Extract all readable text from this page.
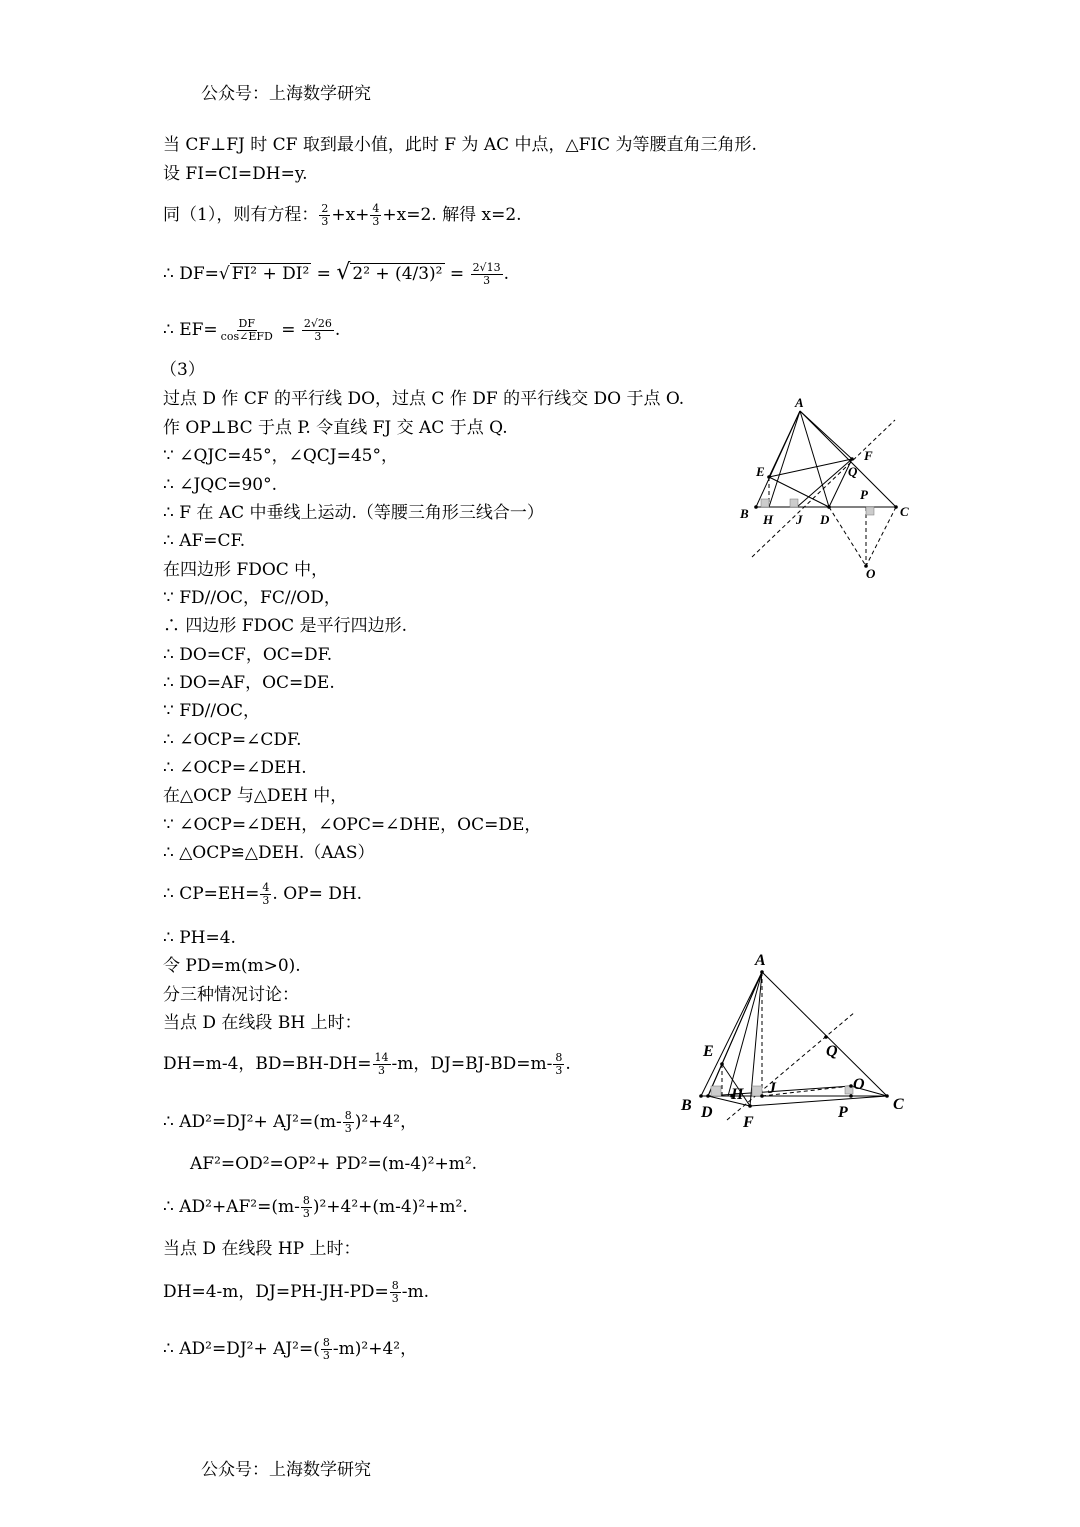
公众号：上海数学研究
当 CF⊥FJ 时 CF 取到最小值，此时 F 为 AC 中点，△FIC 为等腰直角三角形.
设 FI=CI=DH=y.
同（1），则有方程： $\frac{2}{3} +x+ \frac{4}{3} +x=2$. 解得 x=2.
∴ DF=√ FI² + DI² = √ $2^2 + (4/3)^2 = \frac{2√13}{3}$ .
∴ $EF= \frac{DF}{\text{cos∠EFD}} = \frac{2√26}{3}$ .
（3）
过点 D 作 CF 的平行线 DO，过点 C 作 DF 的平行线交 DO 于点 O.
作 OP⊥BC 于点 P. 令直线 FJ 交 AC 于点 Q.
∵ ∠QJC=45°，∠QCJ=45°，
∴ ∠JQC=90°.
∴ F 在 AC 中垂线上运动.（等腰三角形三线合一）
∴ AF=CF.
在四边形 FDOC 中，
∵ FD//OC，FC//OD，
∴ 四边形 FDOC 是平行四边形.
∴ DO=CF，OC=DF.
∴ DO=AF，OC=DE.
∵ FD//OC，
∴ ∠OCP=∠CDF.
∴ ∠OCP=∠DEH.
在△OCP 与△DEH 中，
∵ ∠OCP=∠DEH，∠OPC=∠DHE，OC=DE，
∴ △OCP≌△DEH.（AAS）
∴ $CP=EH= \frac{4}{3}$ . OP= DH.
∴ PH=4.
令 PD=m(m>0).
分三种情况讨论：
当点 D 在线段 BH 上时：
DH=m-4，$BD=BH-DH= \frac{14}{3} -m$，$DJ=BJ-BD=m- \frac{8}{3}$ .
∴ $AD^2=DJ^2+ AJ^2=(m- \frac{8}{3} )^2+4^2$，
AF²=OD²=OP²+ PD²=(m-4)²+m².
∴ $AD^2+AF^2=(m- \frac{8}{3} )^2+4^2+(m-4)^2+m^2$.
当点 D 在线段 HP 上时：
DH=4-m，$DJ=PH-JH-PD= \frac{8}{3} -m$.
∴ $AD^2=DJ^2+ AJ^2=( \frac{8}{3} -m)^2+4^2$，
公众号：上海数学研究
A
E
F
Q
B H J D
P
C
O
A
E	Q
B D
H J	O
P	C
F
